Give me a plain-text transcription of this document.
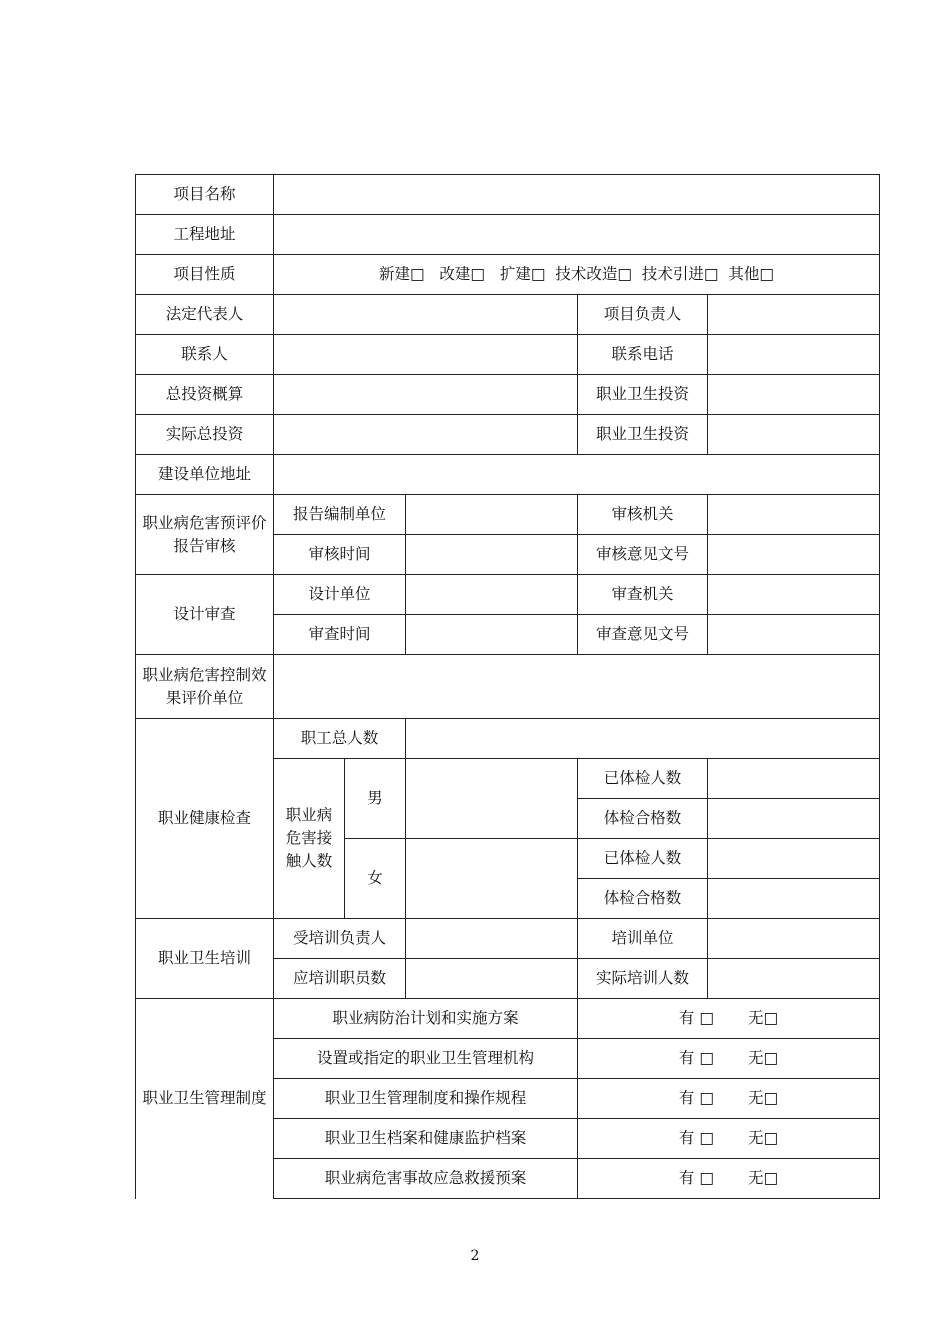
项目名称					
工程地址					
项目性质	新建□   改建□   扩建□  技术改造□  技术引进□  其他□				
法定代表人				项目负责人	
联系人				联系电话	
总投资概算				职业卫生投资	
实际总投资				职业卫生投资	
建设单位地址					
职业病危害预评价报告审核	报告编制单位			审核机关	
	审核时间			审核意见文号	
设计审查	设计单位			审查机关	
	审查时间			审查意见文号	
职业病危害控制效果评价单位					
职业健康检查	职工总人数				
	职业病危害接触人数	男		已体检人数	
				体检合格数	
		女		已体检人数	
				体检合格数	
职业卫生培训	受培训负责人			培训单位	
	应培训职员数			实际培训人数	
职业卫生管理制度	职业病防治计划和实施方案			有 □ 无□	
	设置或指定的职业卫生管理机构			有 □ 无□	
	职业卫生管理制度和操作规程			有 □ 无□	
	职业卫生档案和健康监护档案			有 □ 无□	
	职业病危害事故应急救援预案			有 □ 无□	
2
